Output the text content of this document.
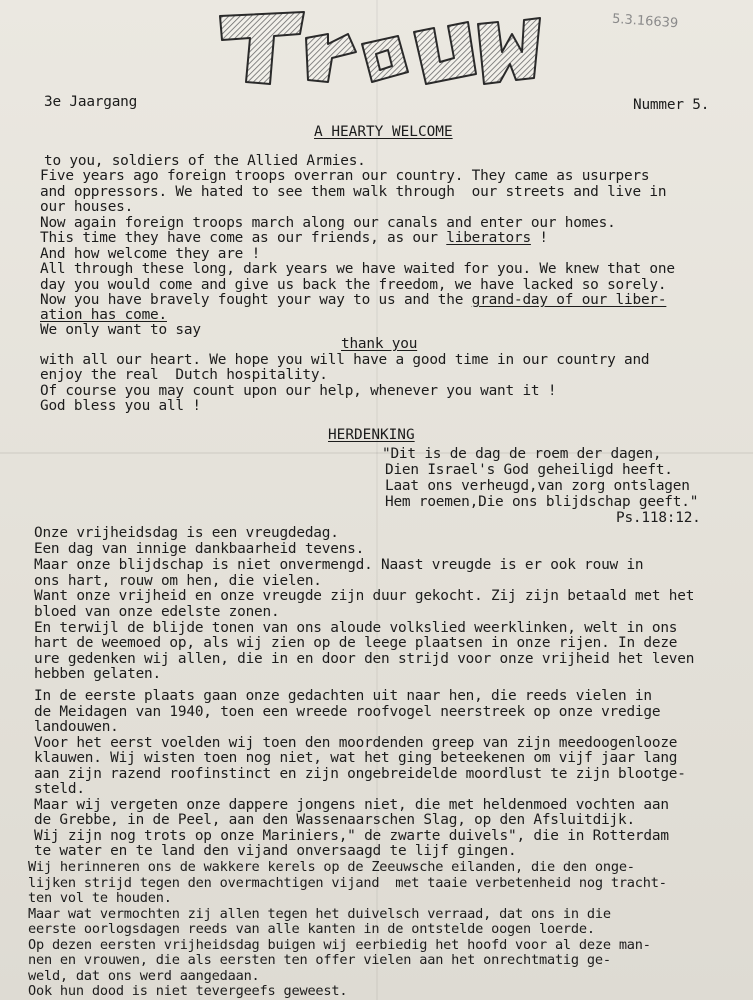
5.3.16639
3e Jaargang	Nummer 5.
A HEARTY WELCOME
to you, soldiers of the Allied Armies.
Five years ago foreign troops overran our country. They came as usurpers
and oppressors. We hated to see them walk through  our streets and live in
our houses.
Now again foreign troops march along our canals and enter our homes.
This time they have come as our friends, as our liberators !
And how welcome they are !
All through these long, dark years we have waited for you. We knew that one
day you would come and give us back the freedom, we have lacked so sorely.
Now you have bravely fought your way to us and the grand-day of our liber-
ation has come.
We only want to say
thank you
with all our heart. We hope you will have a good time in our country and
enjoy the real  Dutch hospitality.
Of course you may count upon our help, whenever you want it !
God bless you all !
HERDENKING
"Dit is de dag de roem der dagen,
Dien Israel's God geheiligd heeft.
Laat ons verheugd,van zorg ontslagen
Hem roemen,Die ons blijdschap geeft."
Ps.118:12.
Onze vrijheidsdag is een vreugdedag.
Een dag van innige dankbaarheid tevens.
Maar onze blijdschap is niet onvermengd. Naast vreugde is er ook rouw in
ons hart, rouw om hen, die vielen.
Want onze vrijheid en onze vreugde zijn duur gekocht. Zij zijn betaald met het
bloed van onze edelste zonen.
En terwijl de blijde tonen van ons aloude volkslied weerklinken, welt in ons
hart de weemoed op, als wij zien op de leege plaatsen in onze rijen. In deze
ure gedenken wij allen, die in en door den strijd voor onze vrijheid het leven
hebben gelaten.
In de eerste plaats gaan onze gedachten uit naar hen, die reeds vielen in
de Meidagen van 1940, toen een wreede roofvogel neerstreek op onze vredige
landouwen.
Voor het eerst voelden wij toen den moordenden greep van zijn meedoogenlooze
klauwen. Wij wisten toen nog niet, wat het ging beteekenen om vijf jaar lang
aan zijn razend roofinstinct en zijn ongebreidelde moordlust te zijn blootge-
steld.
Maar wij vergeten onze dappere jongens niet, die met heldenmoed vochten aan
de Grebbe, in de Peel, aan den Wassenaarschen Slag, op den Afsluitdijk.
Wij zijn nog trots op onze Mariniers," de zwarte duivels", die in Rotterdam
te water en te land den vijand onversaagd te lijf gingen.
Wij herinneren ons de wakkere kerels op de Zeeuwsche eilanden, die den onge-
lijken strijd tegen den overmachtigen vijand  met taaie verbetenheid nog tracht-
ten vol te houden.
Maar wat vermochten zij allen tegen het duivelsch verraad, dat ons in die
eerste oorlogsdagen reeds van alle kanten in de ontstelde oogen loerde.
Op dezen eersten vrijheidsdag buigen wij eerbiedig het hoofd voor al deze man-
nen en vrouwen, die als eersten ten offer vielen aan het onrechtmatig ge-
weld, dat ons werd aangedaan.
Ook hun dood is niet tevergeefs geweest.
